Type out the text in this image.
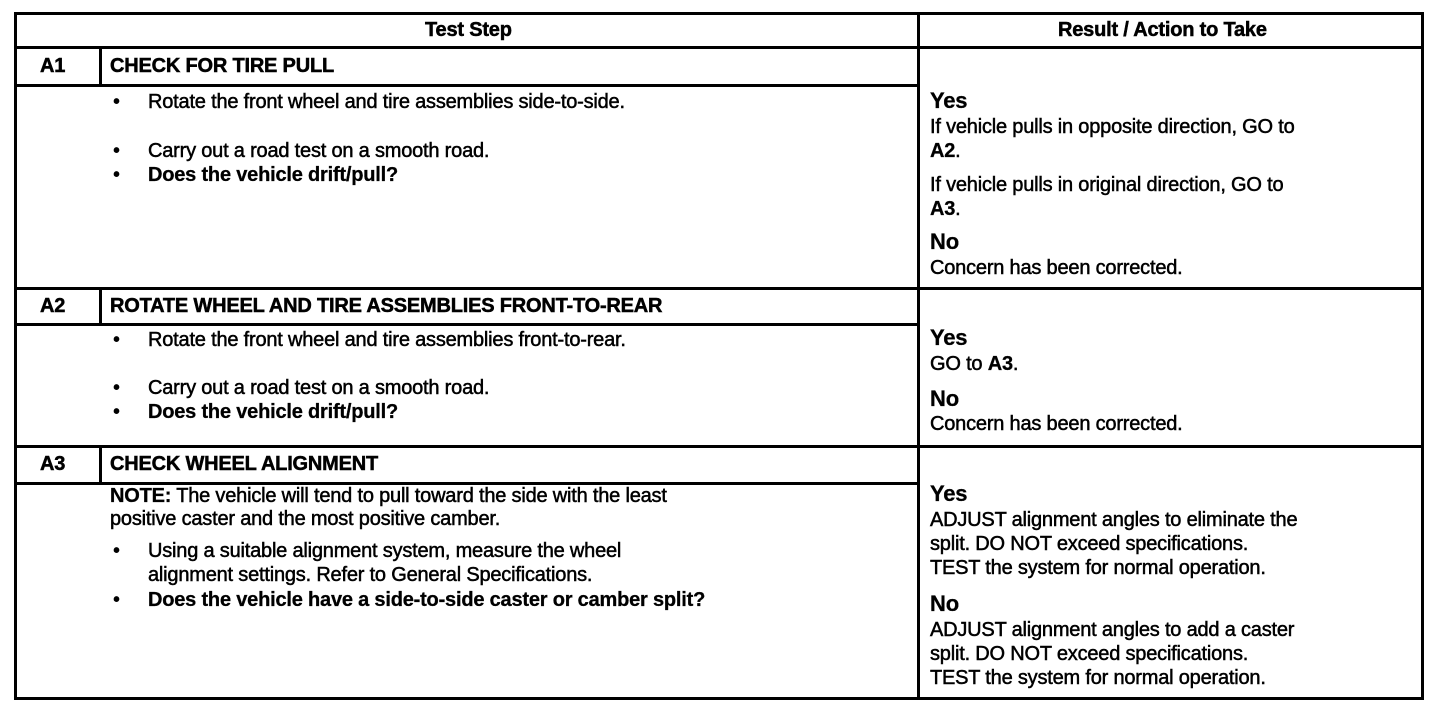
A1 CHECK FOR TIRE PULL
• Rotate the front wheel and tire assemblies side-to-side.
• Carry out a road test on a smooth road.
• Does the vehicle drift/pull?
Yes
If vehicle pulls in opposite direction, GO to
A2.
If vehicle pulls in original direction, GO to
A3.
No
Concern has been corrected.
A2 ROTATE WHEEL AND TIRE ASSEMBLIES FRONT-TO-REAR
• Rotate the front wheel and tire assemblies front-to-rear.
• Carry out a road test on a smooth road.
• Does the vehicle drift/pull?
Yes
GO to A3.
No
Concern has been corrected.
A3 CHECK WHEEL ALIGNMENT
NOTE: The vehicle will tend to pull toward the side with the least
positive caster and the most positive camber.
• Using a suitable alignment system, measure the wheel
alignment settings. Refer to General Specifications.
• Does the vehicle have a side-to-side caster or camber split?
Yes
ADJUST alignment angles to eliminate the
split. DO NOT exceed specifications.
TEST the system for normal operation.
No
ADJUST alignment angles to add a caster
split. DO NOT exceed specifications.
TEST the system for normal operation.
Test Step	Result / Action to Take
